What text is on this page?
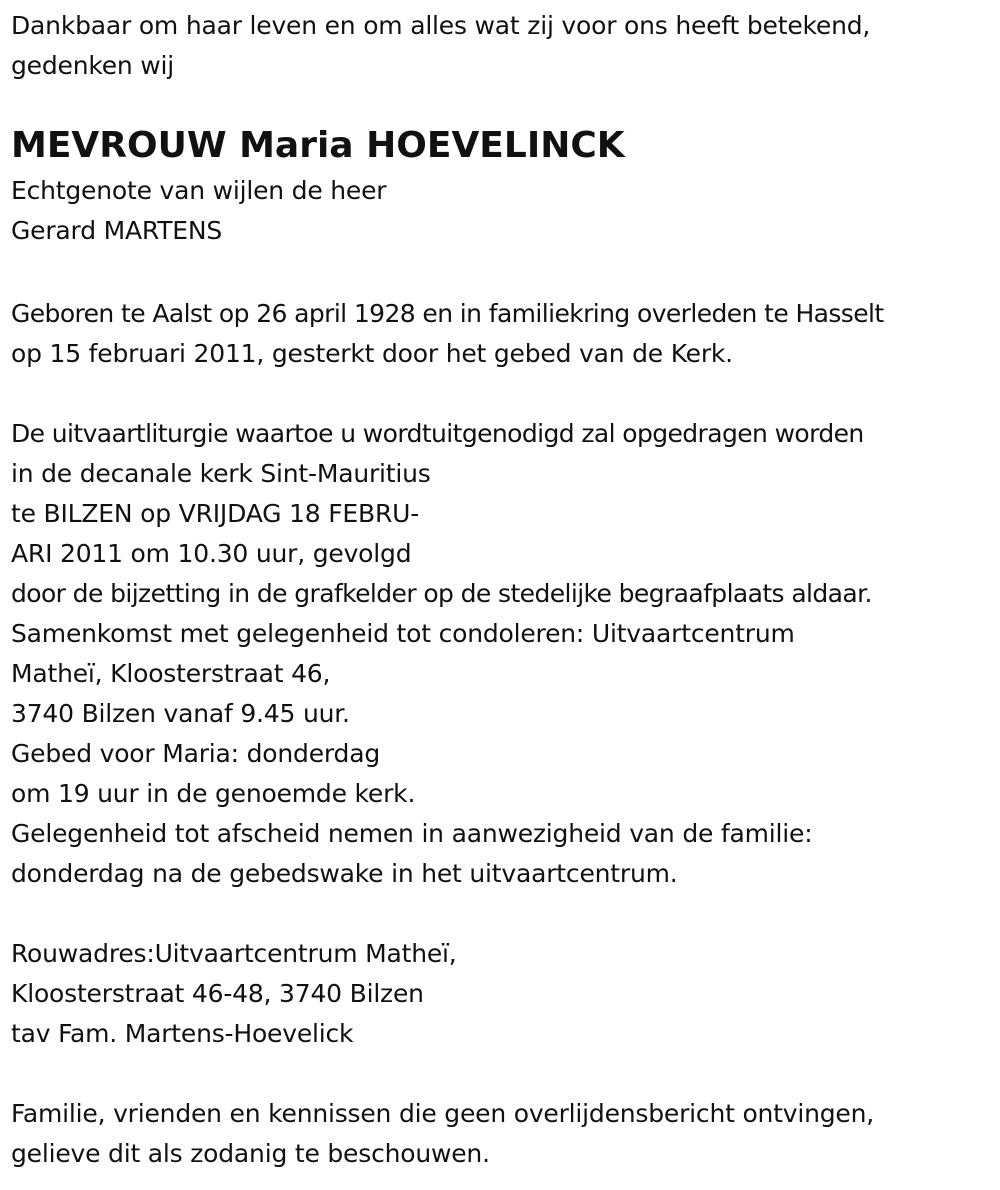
Dankbaar om haar leven en om alles wat zij voor ons heeft betekend,
gedenken wij
MEVROUW Maria HOEVELINCK
Echtgenote van wijlen de heer
Gerard MARTENS
Geboren te Aalst op 26 april 1928 en in familiekring overleden te Hasselt
op 15 februari 2011, gesterkt door het gebed van de Kerk.
De uitvaartliturgie waartoe u wordtuitgenodigd zal opgedragen worden
in de decanale kerk Sint-Mauritius
te BILZEN op VRIJDAG 18 FEBRU-
ARI 2011 om 10.30 uur, gevolgd
door de bijzetting in de grafkelder op de stedelijke begraafplaats aldaar.
Samenkomst met gelegenheid tot condoleren: Uitvaartcentrum
Matheï, Kloosterstraat 46,
3740 Bilzen vanaf 9.45 uur.
Gebed voor Maria: donderdag
om 19 uur in de genoemde kerk.
Gelegenheid tot afscheid nemen in aanwezigheid van de familie:
donderdag na de gebedswake in het uitvaartcentrum.
Rouwadres:Uitvaartcentrum Matheï,
Kloosterstraat 46-48, 3740 Bilzen
tav Fam. Martens-Hoevelick
Familie, vrienden en kennissen die geen overlijdensbericht ontvingen,
gelieve dit als zodanig te beschouwen.
